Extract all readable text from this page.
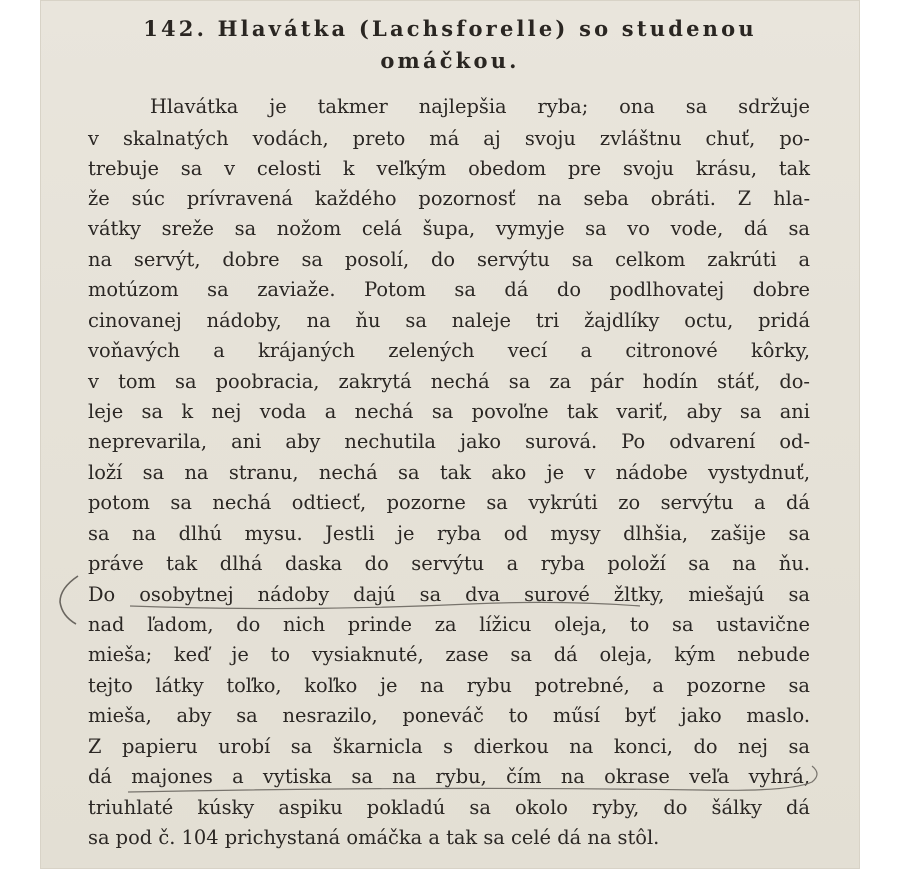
142. Hlavátka (Lachsforelle) so studenou
omáčkou.
Hlavátka je takmer najlepšia ryba; ona sa sdržuje
v skalnatých vodách, preto má aj svoju zvláštnu chuť, po-
trebuje sa v celosti k veľkým obedom pre svoju krásu, tak
že súc prívravená každého pozornosť na seba obráti. Z hla-
vátky sreže sa nožom celá šupa, vymyje sa vo vode, dá sa
na servýt, dobre sa posolí, do servýtu sa celkom zakrúti a
motúzom sa zaviaže. Potom sa dá do podlhovatej dobre
cinovanej nádoby, na ňu sa naleje tri žajdlíky octu, pridá
voňavých a krájaných zelených vecí a citronové kôrky,
v tom sa poobracia, zakrytá nechá sa za pár hodín stáť, do-
leje sa k nej voda a nechá sa povoľne tak variť, aby sa ani
neprevarila, ani aby nechutila jako surová. Po odvarení od-
loží sa na stranu, nechá sa tak ako je v nádobe vystydnuť,
potom sa nechá odtiecť, pozorne sa vykrúti zo servýtu a dá
sa na dlhú mysu. Jestli je ryba od mysy dlhšia, zašije sa
práve tak dlhá daska do servýtu a ryba položí sa na ňu.
Do osobytnej nádoby dajú sa dva surové žltky, miešajú sa
nad ľadom, do nich prinde za lížicu oleja, to sa ustavične
mieša; keď je to vysiaknuté, zase sa dá oleja, kým nebude
tejto látky toľko, koľko je na rybu potrebné, a pozorne sa
mieša, aby sa nesrazilo, poneváč to műsí byť jako maslo.
Z papieru urobí sa škarnicla s dierkou na konci, do nej sa
dá majones a vytiska sa na rybu, čím na okrase veľa vyhrá,
triuhlaté kúsky aspiku pokladú sa okolo ryby, do šálky dá
sa pod č. 104 prichystaná omáčka a tak sa celé dá na stôl.
